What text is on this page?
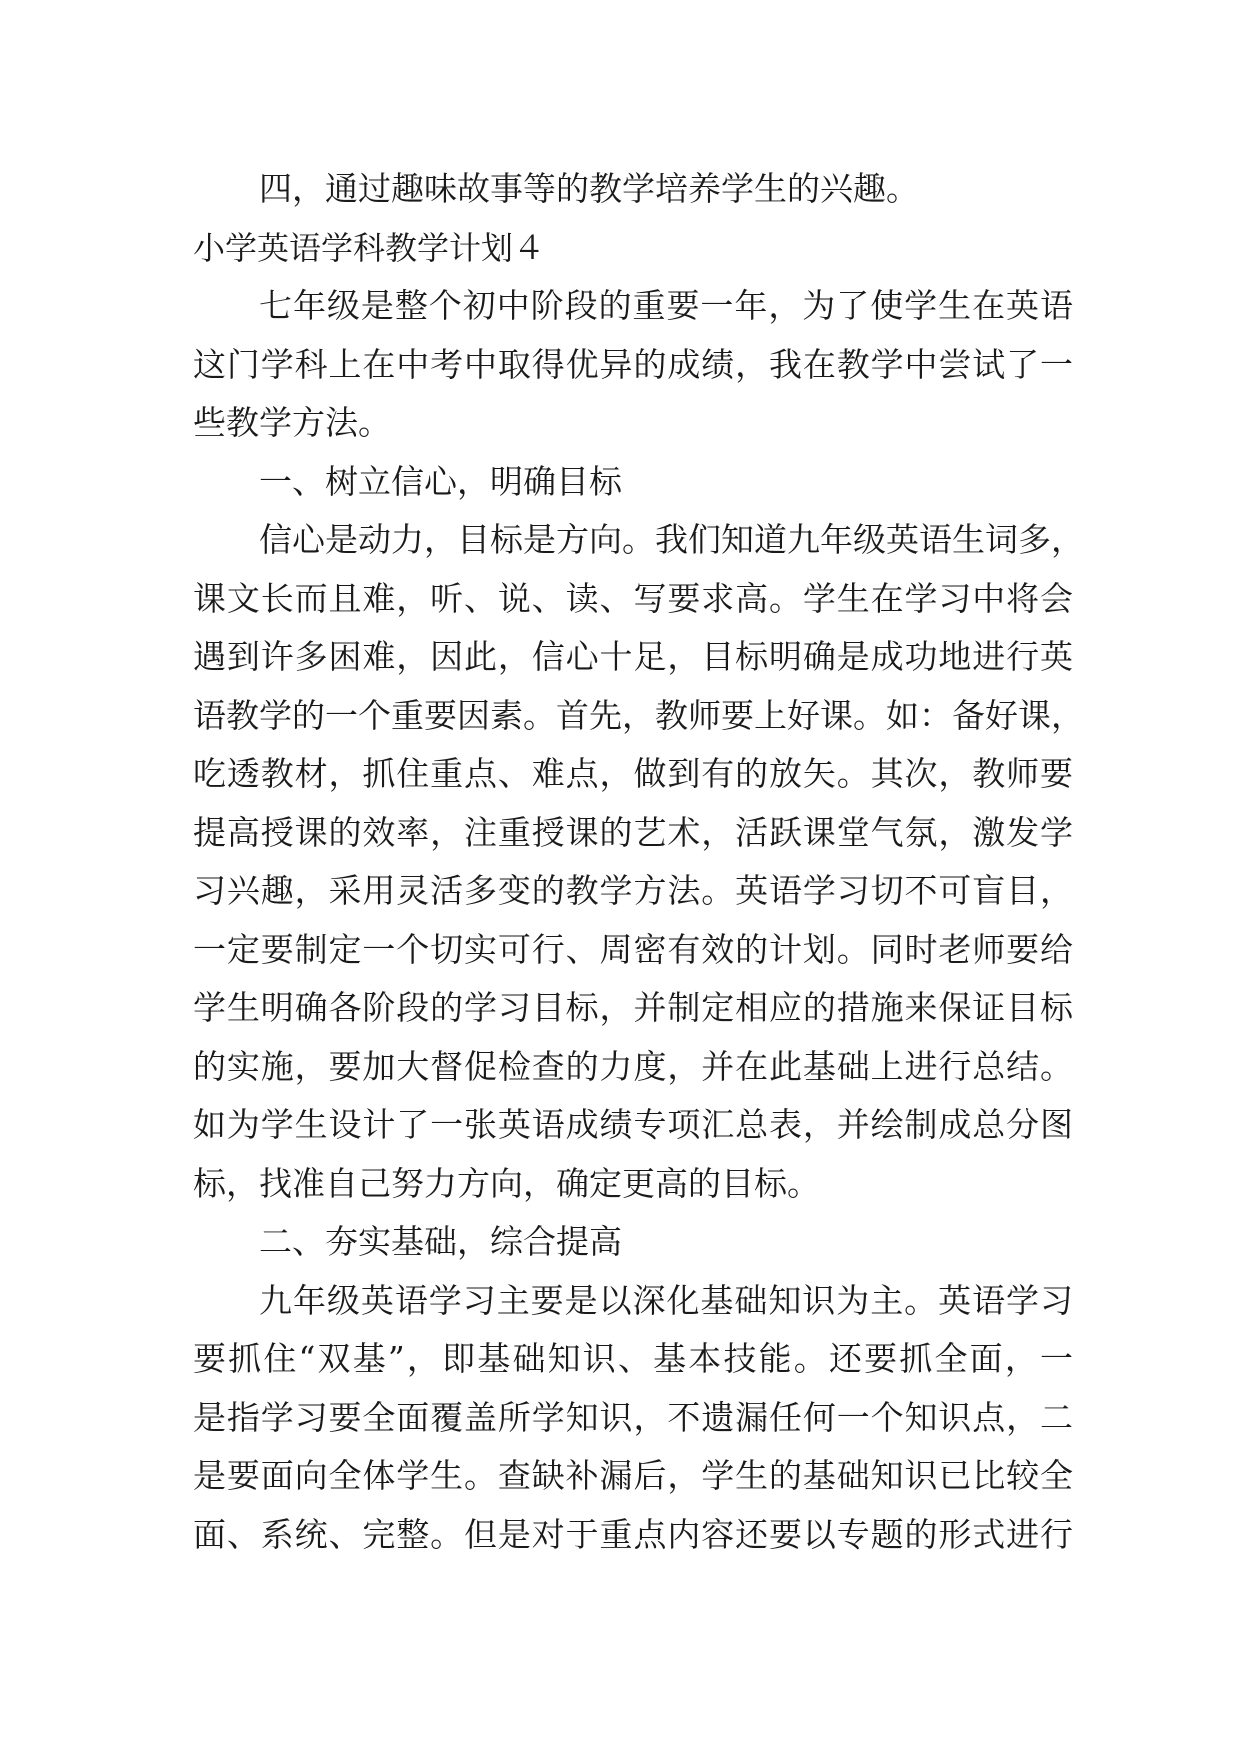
四，通过趣味故事等的教学培养学生的兴趣。
小学英语学科教学计划４
七年级是整个初中阶段的重要一年，为了使学生在英语
这门学科上在中考中取得优异的成绩，我在教学中尝试了一
些教学方法。
一、树立信心，明确目标
信心是动力，目标是方向。我们知道九年级英语生词多，
课文长而且难，听、说、读、写要求高。学生在学习中将会
遇到许多困难，因此，信心十足，目标明确是成功地进行英
语教学的一个重要因素。首先，教师要上好课。如：备好课，
吃透教材，抓住重点、难点，做到有的放矢。其次，教师要
提高授课的效率，注重授课的艺术，活跃课堂气氛，激发学
习兴趣，采用灵活多变的教学方法。英语学习切不可盲目，
一定要制定一个切实可行、周密有效的计划。同时老师要给
学生明确各阶段的学习目标，并制定相应的措施来保证目标
的实施，要加大督促检查的力度，并在此基础上进行总结。
如为学生设计了一张英语成绩专项汇总表，并绘制成总分图
标，找准自己努力方向，确定更高的目标。
二、夯实基础，综合提高
九年级英语学习主要是以深化基础知识为主。英语学习
要抓住“双基”，即基础知识、基本技能。还要抓全面，一
是指学习要全面覆盖所学知识，不遗漏任何一个知识点，二
是要面向全体学生。查缺补漏后，学生的基础知识已比较全
面、系统、完整。但是对于重点内容还要以专题的形式进行
